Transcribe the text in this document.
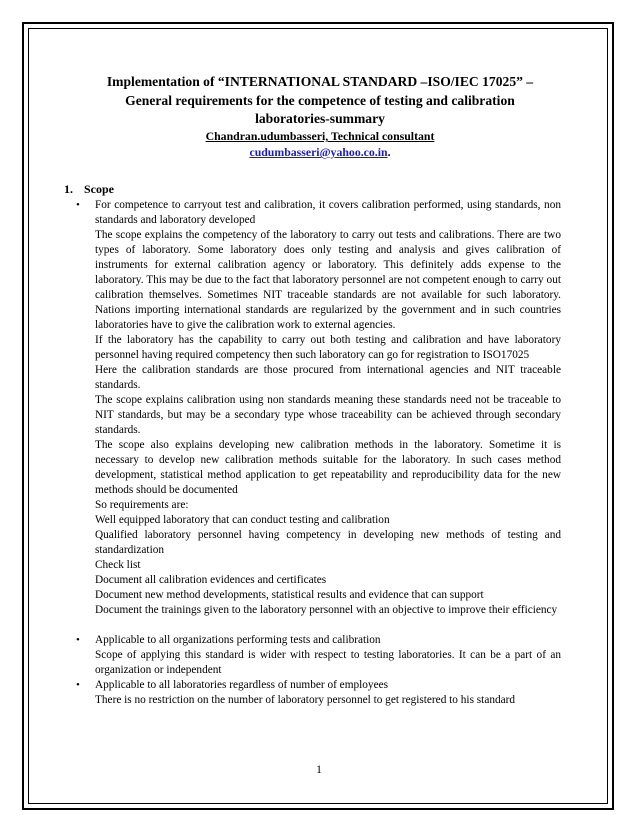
Implementation of “INTERNATIONAL STANDARD –ISO/IEC 17025” –
General requirements for the competence of testing and calibration
laboratories-summary
Chandran.udumbasseri, Technical consultant
cudumbasseri@yahoo.co.in.
1. Scope
• For competence to carryout test and calibration, it covers calibration performed, using standards, non standards and laboratory developed

The scope explains the competency of the laboratory to carry out tests and calibrations. There are two types of laboratory. Some laboratory does only testing and analysis and gives calibration of instruments for external calibration agency or laboratory. This definitely adds expense to the laboratory. This may be due to the fact that laboratory personnel are not competent enough to carry out calibration themselves. Sometimes NIT traceable standards are not available for such laboratory. Nations importing international standards are regularized by the government and in such countries laboratories have to give the calibration work to external agencies.

If the laboratory has the capability to carry out both testing and calibration and have laboratory personnel having required competency then such laboratory can go for registration to ISO17025

Here the calibration standards are those procured from international agencies and NIT traceable standards.

The scope explains calibration using non standards meaning these standards need not be traceable to NIT standards, but may be a secondary type whose traceability can be achieved through secondary standards.

The scope also explains developing new calibration methods in the laboratory. Sometime it is necessary to develop new calibration methods suitable for the laboratory. In such cases method development, statistical method application to get repeatability and reproducibility data for the new methods should be documented

So requirements are:

Well equipped laboratory that can conduct testing and calibration

Qualified laboratory personnel having competency in developing new methods of testing and standardization

Check list

Document all calibration evidences and certificates

Document new method developments, statistical results and evidence that can support

Document the trainings given to the laboratory personnel with an objective to improve their efficiency

• Applicable to all organizations performing tests and calibration

Scope of applying this standard is wider with respect to testing laboratories. It can be a part of an organization or independent

• Applicable to all laboratories regardless of number of employees

There is no restriction on the number of laboratory personnel to get registered to his standard

1
